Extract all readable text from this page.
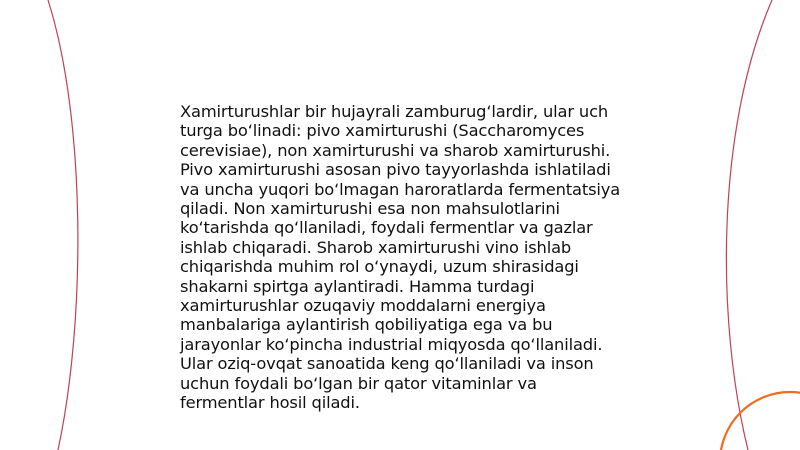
Xamirturushlar bir hujayrali zamburug‘lardir, ular uch turga bo‘linadi: pivo xamirturushi (Saccharomyces cerevisiae), non xamirturushi va sharob xamirturushi. Pivo xamirturushi asosan pivo tayyorlashda ishlatiladi va uncha yuqori bo‘lmagan haroratlarda fermentatsiya qiladi. Non xamirturushi esa non mahsulotlarini ko‘tarishda qo‘llaniladi, foydali fermentlar va gazlar ishlab chiqaradi. Sharob xamirturushi vino ishlab chiqarishda muhim rol o‘ynaydi, uzum shirasidagi shakarni spirtga aylantiradi. Hamma turdagi xamirturushlar ozuqaviy moddalarni energiya manbalariga aylantirish qobiliyatiga ega va bu jarayonlar ko‘pincha industrial miqyosda qo‘llaniladi. Ular oziq-ovqat sanoatida keng qo‘llaniladi va inson uchun foydali bo‘lgan bir qator vitaminlar va fermentlar hosil qiladi.
